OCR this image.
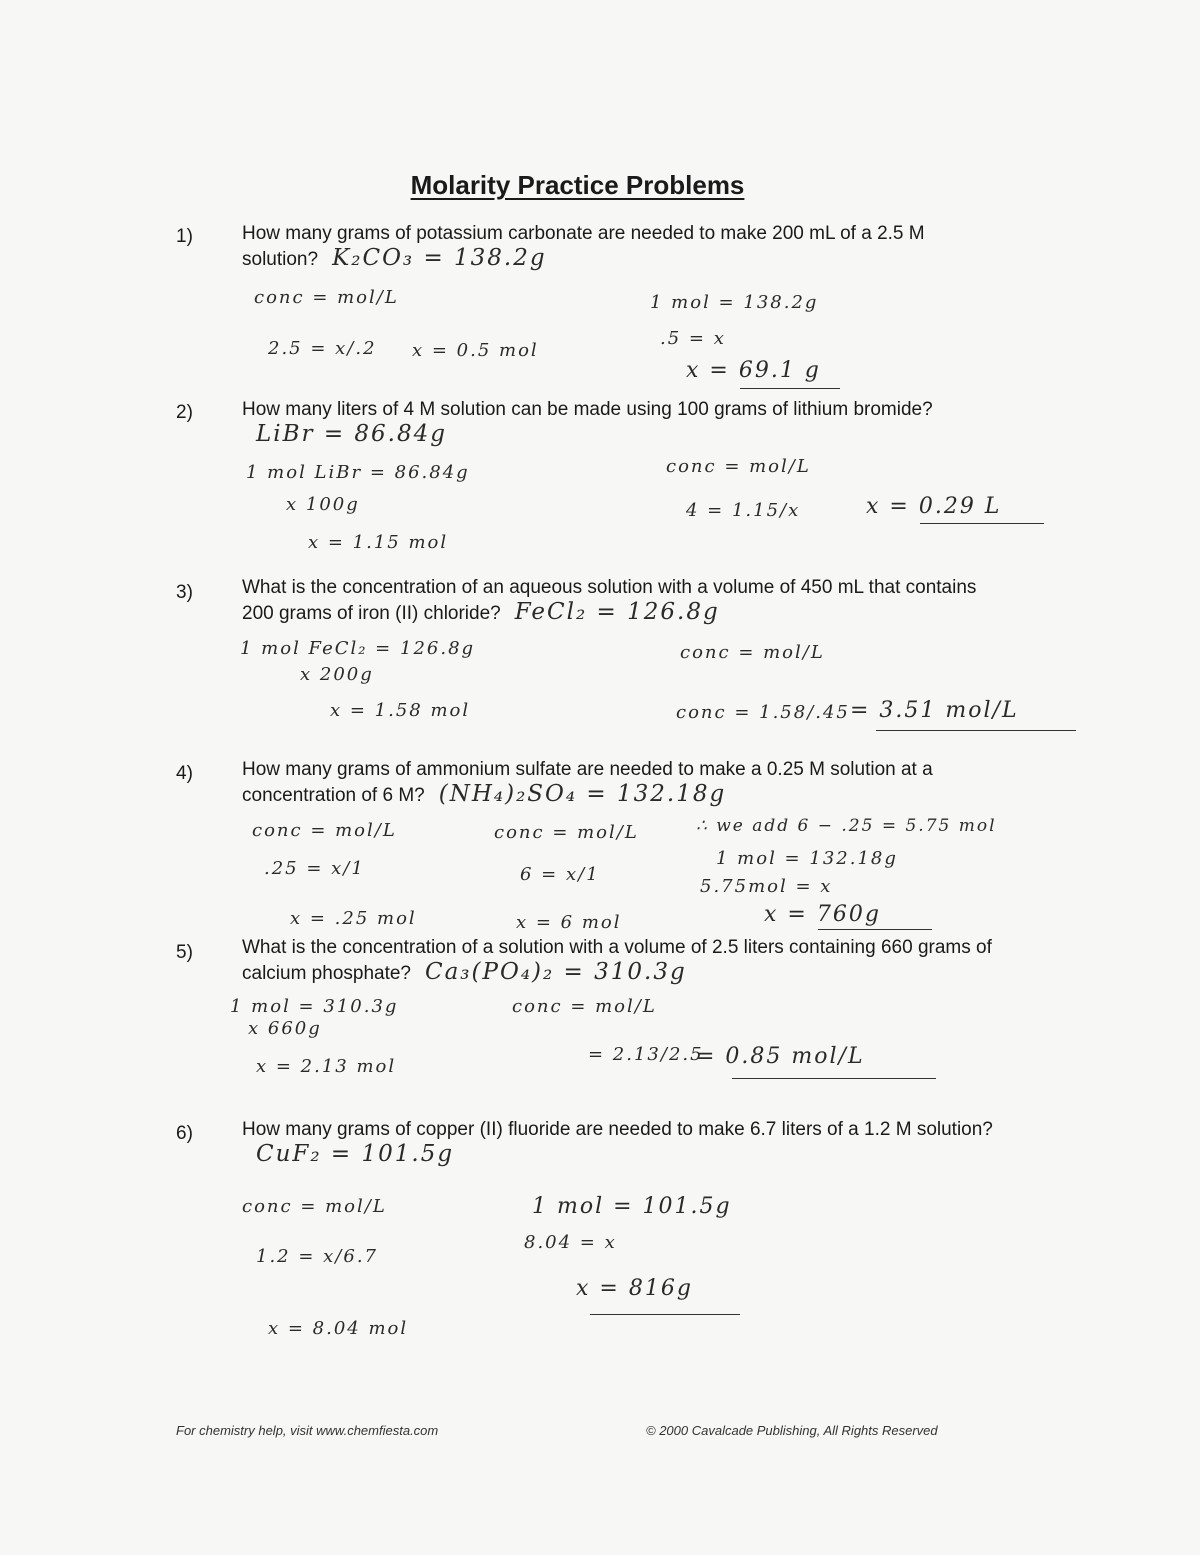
Molarity Practice Problems
1)	How many grams of potassium carbonate are needed to make 200 mL of a 2.5 M solution? K₂CO₃ = 138.2g
conc = mol/L
2.5 = x/.2 x = 0.5 mol
1 mol = 138.2g
.5 = x
x = 69.1 g
2)	How many liters of 4 M solution can be made using 100 grams of lithium bromide?LiBr = 86.84g
1 mol LiBr = 86.84g
x 100g
x = 1.15 mol
conc = mol/L
4 = 1.15/x	x = 0.29 L
3)	What is the concentration of an aqueous solution with a volume of 450 mL that contains 200 grams of iron (II) chloride? FeCl₂ = 126.8g
1 mol FeCl₂ = 126.8g
x 200g
x = 1.58 mol
conc = mol/L
conc = 1.58/.45 = 3.51 mol/L
4)	How many grams of ammonium sulfate are needed to make a 0.25 M solution at a concentration of 6 M? (NH₄)₂SO₄ = 132.18g
conc = mol/L
.25 = x/1
x = .25 mol
conc = mol/L
6 = x/1
x = 6 mol
∴ we add 6 − .25 = 5.75 mol
1 mol = 132.18g
5.75mol = x
x = 760g
5)	What is the concentration of a solution with a volume of 2.5 liters containing 660 grams of calcium phosphate? Ca₃(PO₄)₂ = 310.3g
1 mol = 310.3g
x 660g
x = 2.13 mol
conc = mol/L
= 2.13/2.5
= 0.85 mol/L
6)	How many grams of copper (II) fluoride are needed to make 6.7 liters of a 1.2 M solution?CuF₂ = 101.5g
conc = mol/L
1.2 = x/6.7
x = 8.04 mol
1 mol = 101.5g
8.04 = x
x = 816g
For chemistry help, visit www.chemfiesta.com	© 2000 Cavalcade Publishing, All Rights Reserved
